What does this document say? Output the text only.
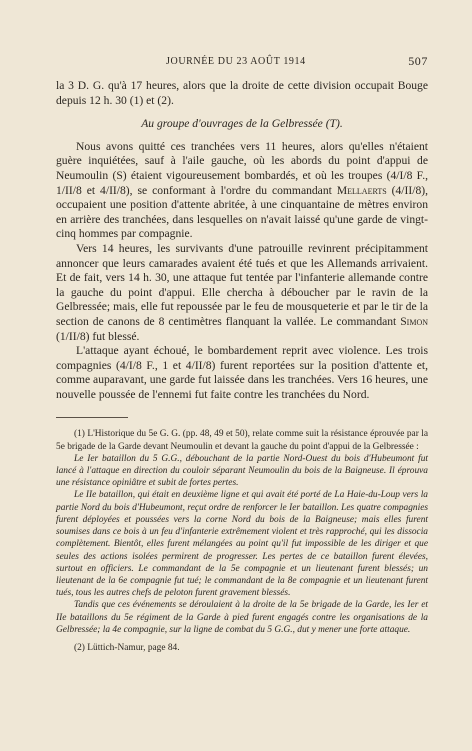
JOURNÉE DU 23 AOÛT 1914	507

la 3 D. G. qu'à 17 heures, alors que la droite de cette division occupait Bouge depuis 12 h. 30 (1) et (2).

Au groupe d'ouvrages de la Gelbressée (T).

Nous avons quitté ces tranchées vers 11 heures, alors qu'elles n'étaient guère inquiétées, sauf à l'aile gauche, où les abords du point d'appui de Neumoulin (S) étaient vigoureusement bombardés, et où les troupes (4/I/8 F., 1/II/8 et 4/II/8), se conformant à l'ordre du commandant Mellaerts (4/II/8), occupaient une position d'attente abritée, à une cinquantaine de mètres environ en arrière des tranchées, dans lesquelles on n'avait laissé qu'une garde de vingt-cinq hommes par compagnie.

Vers 14 heures, les survivants d'une patrouille revinrent précipitamment annoncer que leurs camarades avaient été tués et que les Allemands arrivaient. Et de fait, vers 14 h. 30, une attaque fut tentée par l'infanterie allemande contre la gauche du point d'appui. Elle chercha à déboucher par le ravin de la Gelbressée; mais, elle fut repoussée par le feu de mousqueterie et par le tir de la section de canons de 8 centimètres flanquant la vallée. Le commandant Simon (1/II/8) fut blessé.

L'attaque ayant échoué, le bombardement reprit avec violence. Les trois compagnies (4/I/8 F., 1 et 4/II/8) furent reportées sur la position d'attente et, comme auparavant, une garde fut laissée dans les tranchées. Vers 16 heures, une nouvelle poussée de l'ennemi fut faite contre les tranchées du Nord.

(1) L'Historique du 5e G. G. (pp. 48, 49 et 50), relate comme suit la résistance éprouvée par la 5e brigade de la Garde devant Neumoulin et devant la gauche du point d'appui de la Gelbressée :

Le Ier bataillon du 5 G.G., débouchant de la partie Nord-Ouest du bois d'Hubeumont fut lancé à l'attaque en direction du couloir séparant Neumoulin du bois de la Baigneuse. Il éprouva une résistance opiniâtre et subit de fortes pertes.

Le IIe bataillon, qui était en deuxième ligne et qui avait été porté de La Haie-du-Loup vers la partie Nord du bois d'Hubeumont, reçut ordre de renforcer le Ier bataillon. Les quatre compagnies furent déployées et poussées vers la corne Nord du bois de la Baigneuse; mais elles furent soumises dans ce bois à un feu d'infanterie extrêmement violent et très rapproché, qui les dissocia complètement. Bientôt, elles furent mélangées au point qu'il fut impossible de les diriger et que seules des actions isolées permirent de progresser. Les pertes de ce bataillon furent élevées, surtout en officiers. Le commandant de la 5e compagnie et un lieutenant furent blessés; un lieutenant de la 6e compagnie fut tué; le commandant de la 8e compagnie et un lieutenant furent tués, tous les autres chefs de peloton furent gravement blessés.

Tandis que ces événements se déroulaient à la droite de la 5e brigade de la Garde, les Ier et IIe bataillons du 5e régiment de la Garde à pied furent engagés contre les organisations de la Gelbressée; la 4e compagnie, sur la ligne de combat du 5 G.G., dut y mener une forte attaque.

(2) Lüttich-Namur, page 84.
